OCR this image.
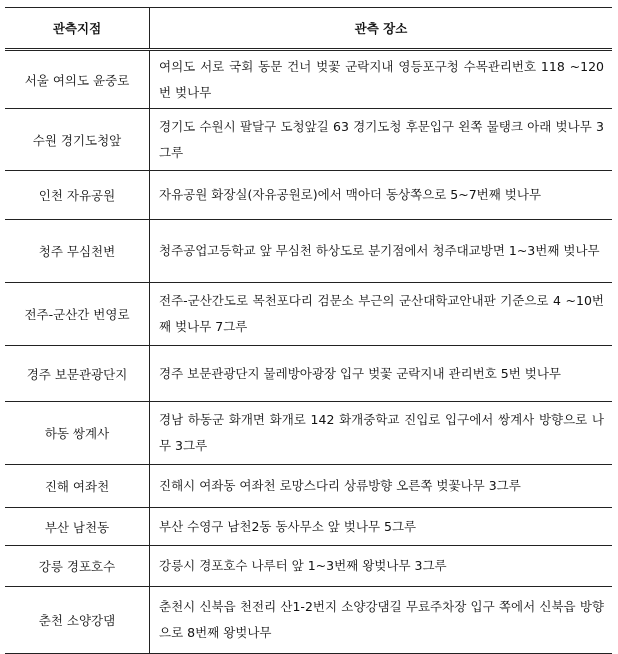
관측지점	관측 장소
서울 여의도 윤중로	여의도 서로 국회 동문 건너 벚꽃 군락지내 영등포구청 수목관리번호 118 ~120번 벚나무
수원 경기도청앞	경기도 수원시 팔달구 도청앞길 63 경기도청 후문입구 왼쪽 물탱크 아래 벚나무 3그루
인천 자유공원	자유공원 화장실(자유공원로)에서 맥아더 동상쪽으로 5~7번째 벚나무
청주 무심천변	청주공업고등학교 앞 무심천 하상도로 분기점에서 청주대교방면 1~3번째 벚나무
전주-군산간 번영로	전주-군산간도로 목천포다리 검문소 부근의 군산대학교안내판 기준으로 4 ~10번째 벚나무 7그루
경주 보문관광단지	경주 보문관광단지 물레방아광장 입구 벚꽃 군락지내 관리번호 5번 벚나무
하동 쌍계사	경남 하동군 화개면 화개로 142 화개중학교 진입로 입구에서 쌍계사 방향으로 나무 3그루
진해 여좌천	진해시 여좌동 여좌천 로망스다리 상류방향 오른쪽 벚꽃나무 3그루
부산 남천동	부산 수영구 남천2동 동사무소 앞 벚나무 5그루
강릉 경포호수	강릉시 경포호수 나루터 앞 1~3번째 왕벚나무 3그루
춘천 소양강댐	춘천시 신북읍 천전리 산1-2번지 소양강댐길 무료주차장 입구 쪽에서 신북읍 방향으로 8번째 왕벚나무
